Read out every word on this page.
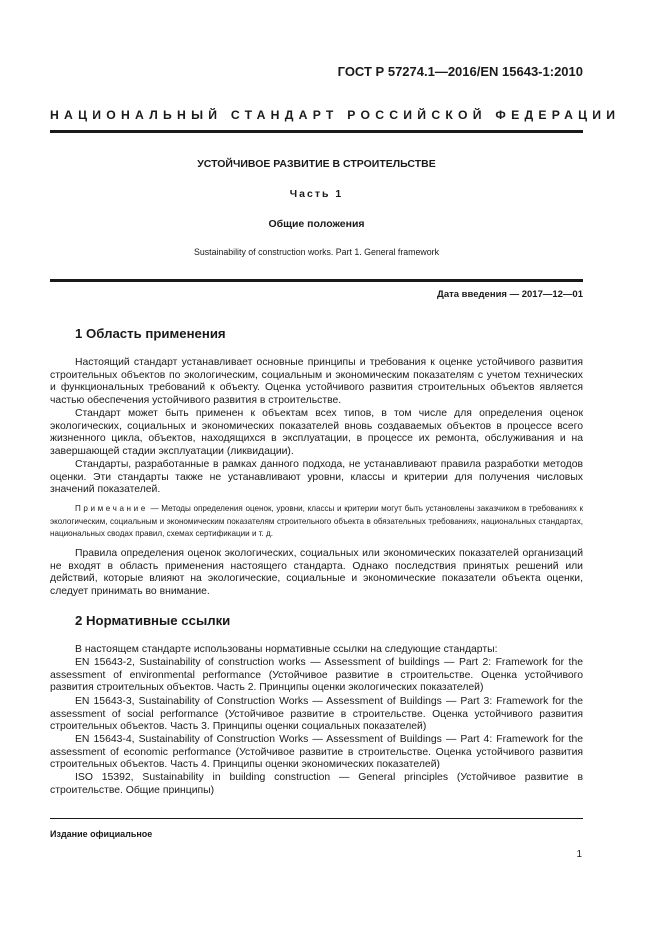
ГОСТ Р 57274.1—2016/EN 15643-1:2010
НАЦИОНАЛЬНЫЙ СТАНДАРТ РОССИЙСКОЙ ФЕДЕРАЦИИ
УСТОЙЧИВОЕ РАЗВИТИЕ В СТРОИТЕЛЬСТВЕ
Часть 1
Общие положения
Sustainability of construction works. Part 1. General framework
Дата введения — 2017—12—01
1 Область применения

Настоящий стандарт устанавливает основные принципы и требования к оценке устойчивого развития строительных объектов по экологическим, социальным и экономическим показателям с учетом технических и функциональных требований к объекту. Оценка устойчивого развития строительных объектов является частью обеспечения устойчивого развития в строительстве.

Стандарт может быть применен к объектам всех типов, в том числе для определения оценок экологических, социальных и экономических показателей вновь создаваемых объектов в процессе всего жизненного цикла, объектов, находящихся в эксплуатации, в процессе их ремонта, обслуживания и на завершающей стадии эксплуатации (ликвидации).

Стандарты, разработанные в рамках данного подхода, не устанавливают правила разработки методов оценки. Эти стандарты также не устанавливают уровни, классы и критерии для получения числовых значений показателей.

Примечание — Методы определения оценок, уровни, классы и критерии могут быть установлены заказчиком в требованиях к экологическим, социальным и экономическим показателям строительного объекта в обязательных требованиях, национальных стандартах, национальных сводах правил, схемах сертификации и т. д.

Правила определения оценок экологических, социальных или экономических показателей организаций не входят в область применения настоящего стандарта. Однако последствия принятых решений или действий, которые влияют на экологические, социальные и экономические показатели объекта оценки, следует принимать во внимание.

2 Нормативные ссылки

В настоящем стандарте использованы нормативные ссылки на следующие стандарты:

EN 15643-2, Sustainability of construction works — Assessment of buildings — Part 2: Framework for the assessment of environmental performance (Устойчивое развитие в строительстве. Оценка устойчивого развития строительных объектов. Часть 2. Принципы оценки экологических показателей)

EN 15643-3, Sustainability of Construction Works — Assessment of Buildings — Part 3: Framework for the assessment of social performance (Устойчивое развитие в строительстве. Оценка устойчивого развития строительных объектов. Часть 3. Принципы оценки социальных показателей)

EN 15643-4, Sustainability of Construction Works — Assessment of Buildings — Part 4: Framework for the assessment of economic performance (Устойчивое развитие в строительстве. Оценка устойчивого развития строительных объектов. Часть 4. Принципы оценки экономических показателей)

ISO 15392, Sustainability in building construction — General principles (Устойчивое развитие в строительстве. Общие принципы)

Издание официальное
1
